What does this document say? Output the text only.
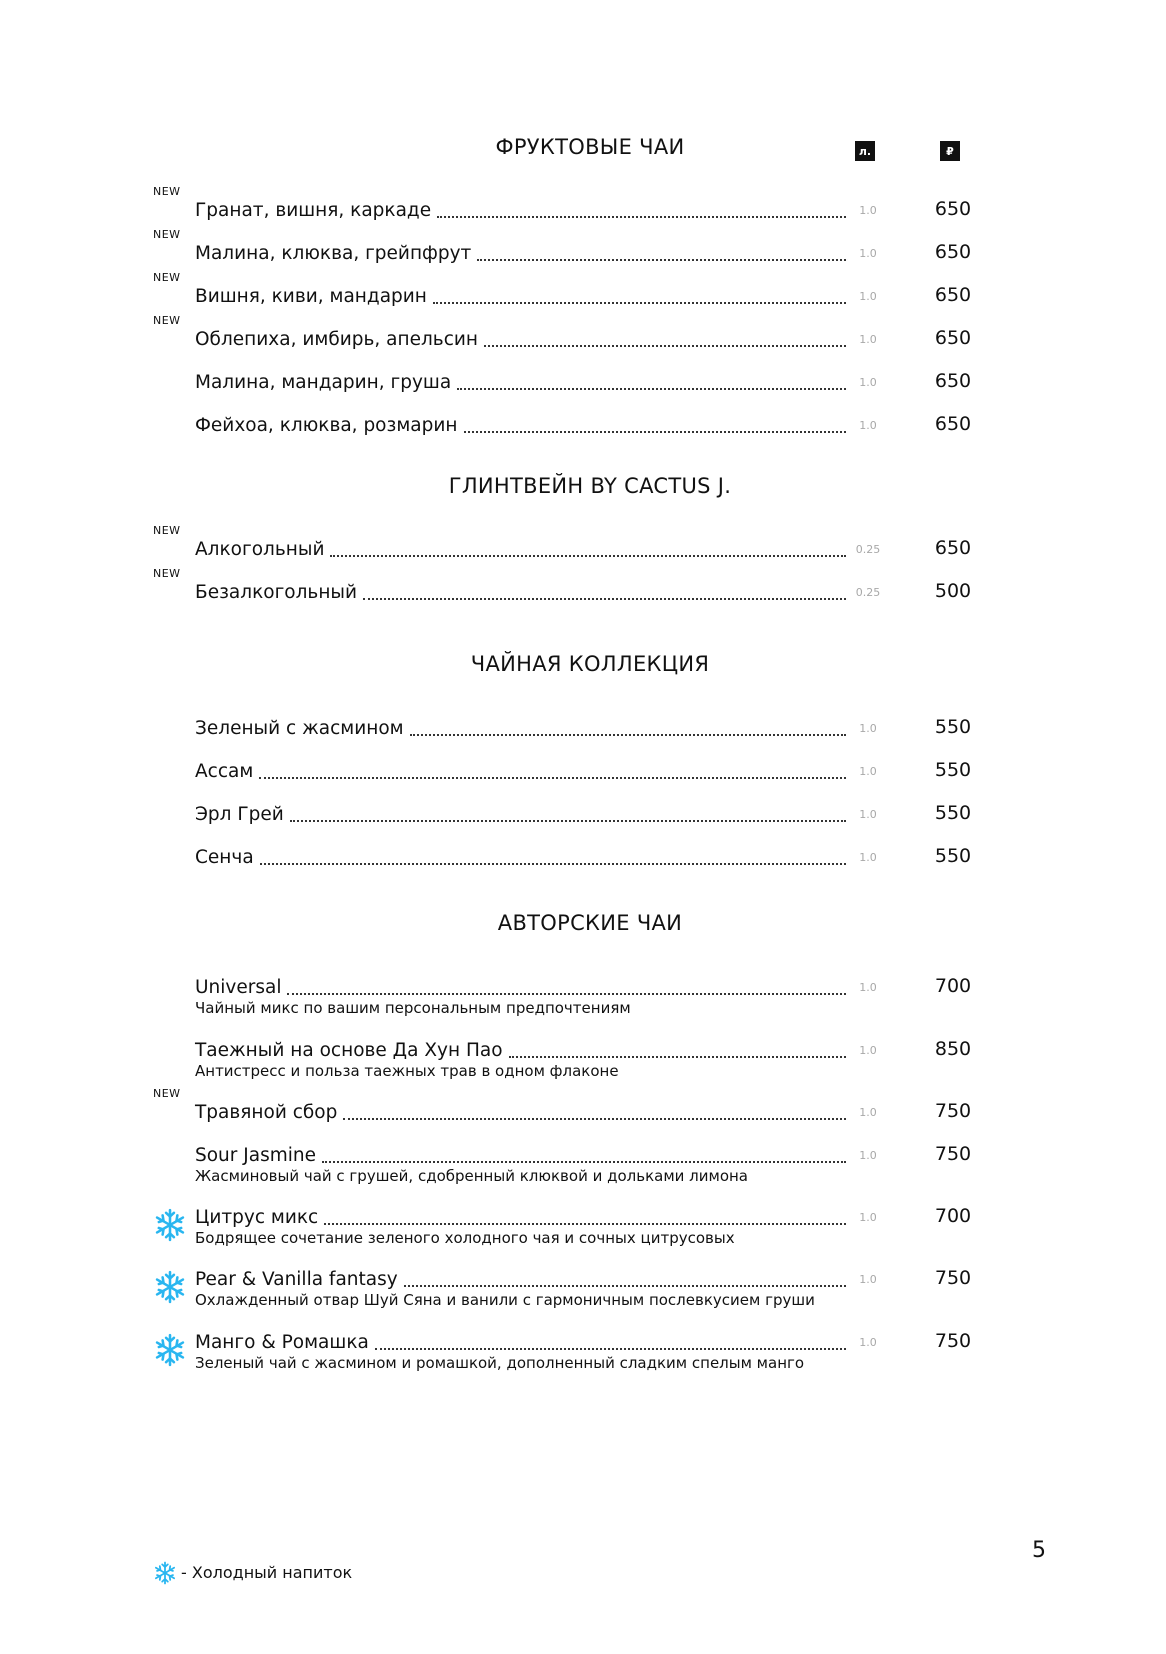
ФРУКТОВЫЕ ЧАИ	л.	₽
ГЛИНТВЕЙН BY CACTUS J.
ЧАЙНАЯ КОЛЛЕКЦИЯ
АВТОРСКИЕ ЧАИ
NEW
Гранат, вишня, каркаде	1.0	650
NEW
Малина, клюква, грейпфрут	1.0	650
NEW
Вишня, киви, мандарин	1.0	650
NEW
Облепиха, имбирь, апельсин	1.0	650
Малина, мандарин, груша	1.0	650
Фейхоа, клюква, розмарин	1.0	650
NEW
Алкогольный	0.25	650
NEW
Безалкогольный	0.25	500
Зеленый с жасмином	1.0	550
Ассам	1.0	550
Эрл Грей	1.0	550
Сенча	1.0	550
Universal	1.0	700
Чайный микс по вашим персональным предпочтениям
Таежный на основе Да Хун Пао	1.0	850
Антистресс и польза таежных трав в одном флаконе
NEW
Травяной сбор	1.0	750
Sour Jasmine	1.0	750
Жасминовый чай с грушей, сдобренный клюквой и дольками лимона
Цитрус микс	1.0	700
Бодрящее сочетание зеленого холодного чая и сочных цитрусовых
Pear & Vanilla fantasy	1.0	750
Охлажденный отвар Шуй Сяна и ванили с гармоничным послевкусием груши
Манго & Ромашка	1.0	750
Зеленый чай с жасмином и ромашкой, дополненный сладким спелым манго
- Холодный напиток
5
